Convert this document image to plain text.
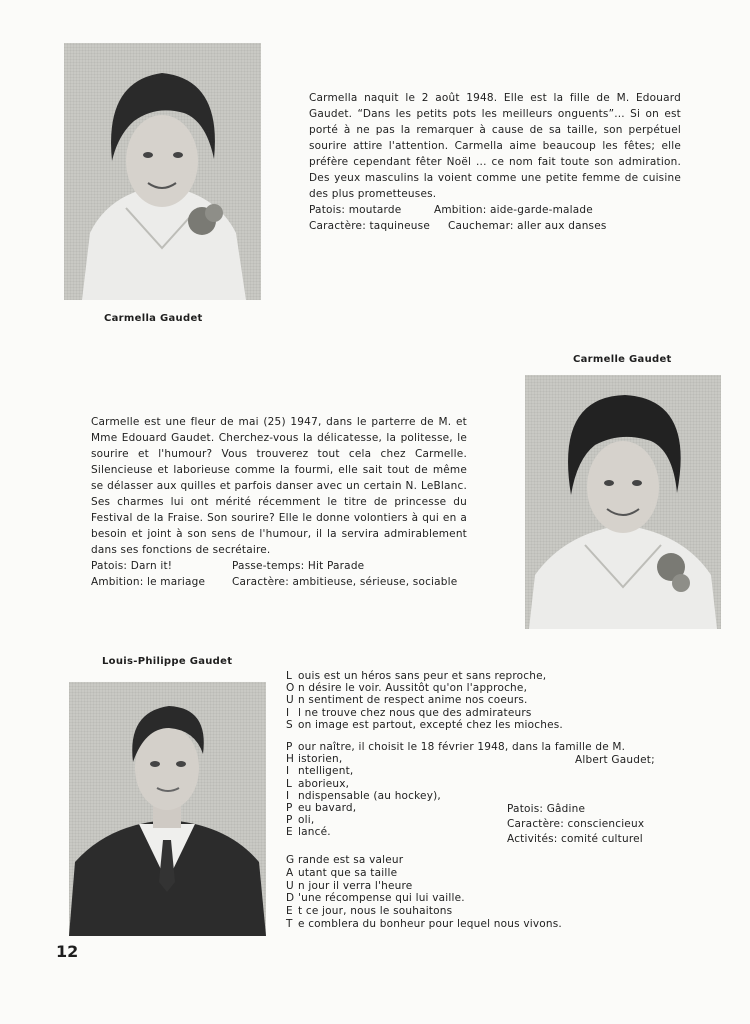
Carmella Gaudet

Carmella naquit le 2 août 1948. Elle est la fille de M. Edouard Gaudet. “Dans les petits pots les meilleurs onguents”... Si on est porté à ne pas la remarquer à cause de sa taille, son perpétuel sourire attire l'attention. Carmella aime beaucoup les fêtes; elle préfère cependant fêter Noël ... ce nom fait toute son admiration. Des yeux masculins la voient comme une petite femme de cuisine des plus prometteuses.

Patois: moutarde	Ambition: aide-garde-malade
Caractère: taquineuse	Cauchemar: aller aux danses
Carmelle Gaudet

Carmelle est une fleur de mai (25) 1947, dans le parterre de M. et Mme Edouard Gaudet. Cherchez-vous la délicatesse, la politesse, le sourire et l'humour? Vous trouverez tout cela chez Carmelle. Silencieuse et laborieuse comme la fourmi, elle sait tout de même se délasser aux quilles et parfois danser avec un certain N. LeBlanc. Ses charmes lui ont mérité récemment le titre de princesse du Festival de la Fraise. Son sourire? Elle le donne volontiers à qui en a besoin et joint à son sens de l'humour, il la servira admirablement dans ses fonctions de secrétaire.

Patois: Darn it!	Passe-temps: Hit Parade
Ambition: le mariage	Caractère: ambitieuse, sérieuse, sociable
Louis-Philippe Gaudet
L ouis est un héros sans peur et sans reproche,
O n désire le voir. Aussitôt qu'on l'approche,
U n sentiment de respect anime nos coeurs.
I l ne trouve chez nous que des admirateurs
S on image est partout, excepté chez les mioches.
P our naître, il choisit le 18 février 1948, dans la famille de M.
H istorien,
I ntelligent,
L aborieux,
I ndispensable (au hockey),
P eu bavard,
P oli,
E lancé.
Albert Gaudet;
Patois: Gâdine
Caractère: consciencieux
Activités: comité culturel
G rande est sa valeur
A utant que sa taille
U n jour il verra l'heure
D 'une récompense qui lui vaille.
E t ce jour, nous le souhaitons
T e comblera du bonheur pour lequel nous vivons.
12
